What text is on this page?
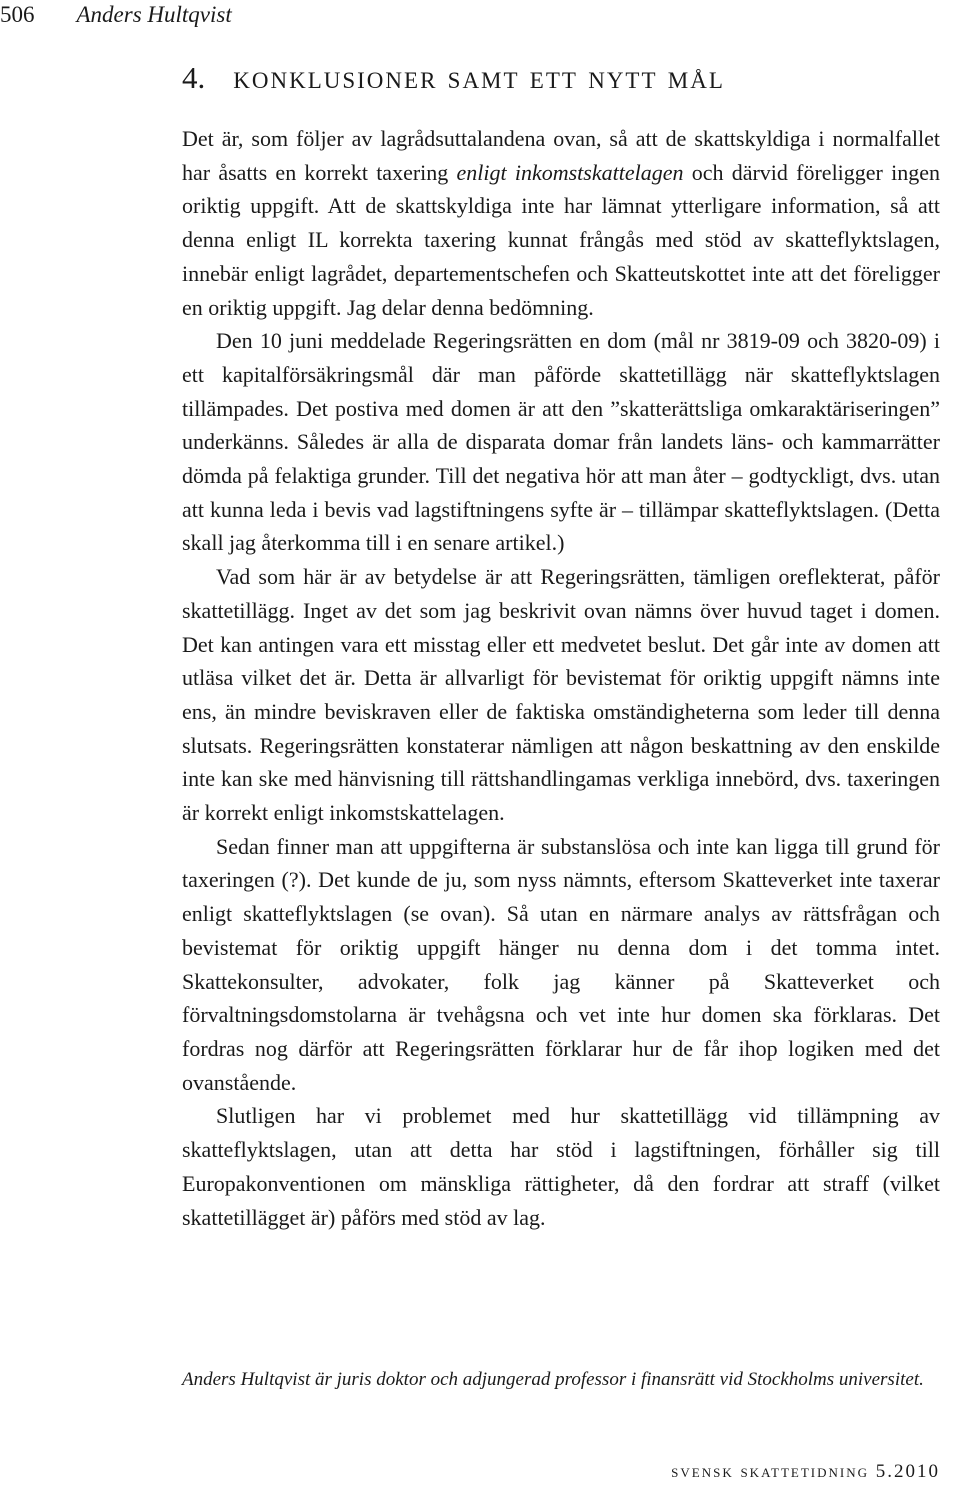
506 Anders Hultqvist
4. konklusioner samt ett nytt mål

Det är, som följer av lagrådsuttalandena ovan, så att de skattskyldiga i normalfallet har åsatts en korrekt taxering enligt inkomstskattelagen och därvid föreligger ingen oriktig uppgift. Att de skattskyldiga inte har lämnat ytterligare information, så att denna enligt IL korrekta taxering kunnat frångås med stöd av skatteflyktslagen, innebär enligt lagrådet, departementschefen och Skatteutskottet inte att det föreligger en oriktig uppgift. Jag delar denna bedömning.

Den 10 juni meddelade Regeringsrätten en dom (mål nr 3819-09 och 3820-09) i ett kapitalförsäkringsmål där man påförde skattetillägg när skatteflyktslagen tillämpades. Det postiva med domen är att den ”skatterättsliga omkaraktäriseringen” underkänns. Således är alla de disparata domar från landets läns- och kammarrätter dömda på felaktiga grunder. Till det negativa hör att man åter – godtyckligt, dvs. utan att kunna leda i bevis vad lagstiftningens syfte är – tillämpar skatteflyktslagen. (Detta skall jag återkomma till i en senare artikel.)

Vad som här är av betydelse är att Regeringsrätten, tämligen oreflekterat, påför skattetillägg. Inget av det som jag beskrivit ovan nämns över huvud taget i domen. Det kan antingen vara ett misstag eller ett medvetet beslut. Det går inte av domen att utläsa vilket det är. Detta är allvarligt för bevistemat för oriktig uppgift nämns inte ens, än mindre beviskraven eller de faktiska omständigheterna som leder till denna slutsats. Regeringsrätten konstaterar nämligen att någon beskattning av den enskilde inte kan ske med hänvisning till rättshandlingamas verkliga innebörd, dvs. taxeringen är korrekt enligt inkomstskattelagen.

Sedan finner man att uppgifterna är substanslösa och inte kan ligga till grund för taxeringen (?). Det kunde de ju, som nyss nämnts, eftersom Skatteverket inte taxerar enligt skatteflyktslagen (se ovan). Så utan en närmare analys av rättsfrågan och bevistemat för oriktig uppgift hänger nu denna dom i det tomma intet. Skattekonsulter, advokater, folk jag känner på Skatteverket och förvaltningsdomstolarna är tvehågsna och vet inte hur domen ska förklaras. Det fordras nog därför att Regeringsrätten förklarar hur de får ihop logiken med det ovanstående.

Slutligen har vi problemet med hur skattetillägg vid tillämpning av skatteflyktslagen, utan att detta har stöd i lagstiftningen, förhåller sig till Europakonventionen om mänskliga rättigheter, då den fordrar att straff (vilket skattetillägget är) påförs med stöd av lag.

Anders Hultqvist är juris doktor och adjungerad professor i finansrätt vid Stockholms universitet.

svensk skattetidning 5.2010
